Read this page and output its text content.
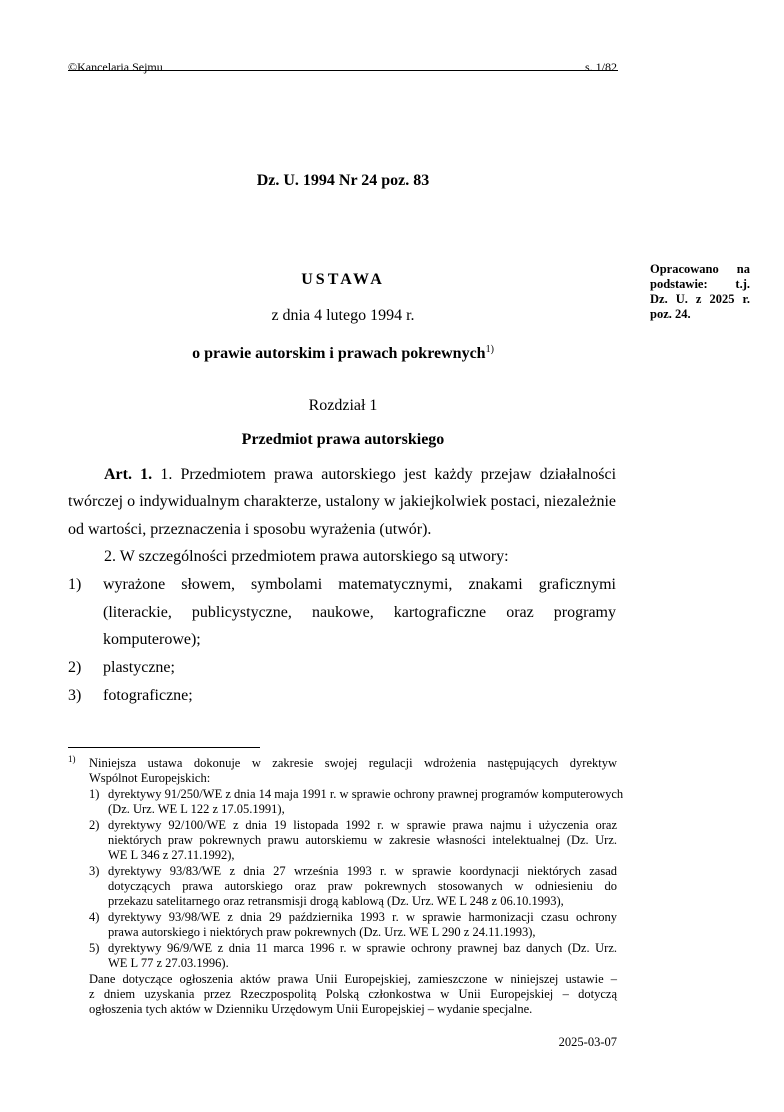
©Kancelaria Sejmu	s. 1/82
Dz. U. 1994 Nr 24 poz. 83
USTAWA
z dnia 4 lutego 1994 r.
o prawie autorskim i prawach pokrewnych$^{1)}$
Opracowano na
podstawie: t.j.
Dz. U. z 2025 r.
poz. 24.
Rozdział 1
Przedmiot prawa autorskiego
Art. 1. 1. Przedmiotem prawa autorskiego jest każdy przejaw działalności
twórczej o indywidualnym charakterze, ustalony w jakiejkolwiek postaci, niezależnie
od wartości, przeznaczenia i sposobu wyrażenia (utwór).
2. W szczególności przedmiotem prawa autorskiego są utwory:
1) wyrażone słowem, symbolami matematycznymi, znakami graficznymi
(literackie, publicystyczne, naukowe, kartograficzne oraz programy
komputerowe);
2) plastyczne;
3) fotograficzne;
1) Niniejsza ustawa dokonuje w zakresie swojej regulacji wdrożenia następujących dyrektyw
Wspólnot Europejskich:
1) dyrektywy 91/250/WE z dnia 14 maja 1991 r. w sprawie ochrony prawnej programów komputerowych
(Dz. Urz. WE L 122 z 17.05.1991),
2) dyrektywy 92/100/WE z dnia 19 listopada 1992 r. w sprawie prawa najmu i użyczenia oraz
niektórych praw pokrewnych prawu autorskiemu w zakresie własności intelektualnej (Dz. Urz.
WE L 346 z 27.11.1992),
3) dyrektywy 93/83/WE z dnia 27 września 1993 r. w sprawie koordynacji niektórych zasad
dotyczących prawa autorskiego oraz praw pokrewnych stosowanych w odniesieniu do
przekazu satelitarnego oraz retransmisji drogą kablową (Dz. Urz. WE L 248 z 06.10.1993),
4) dyrektywy 93/98/WE z dnia 29 października 1993 r. w sprawie harmonizacji czasu ochrony
prawa autorskiego i niektórych praw pokrewnych (Dz. Urz. WE L 290 z 24.11.1993),
5) dyrektywy 96/9/WE z dnia 11 marca 1996 r. w sprawie ochrony prawnej baz danych (Dz. Urz.
WE L 77 z 27.03.1996).
Dane dotyczące ogłoszenia aktów prawa Unii Europejskiej, zamieszczone w niniejszej ustawie –
z dniem uzyskania przez Rzeczpospolitą Polską członkostwa w Unii Europejskiej – dotyczą
ogłoszenia tych aktów w Dzienniku Urzędowym Unii Europejskiej – wydanie specjalne.
2025-03-07
